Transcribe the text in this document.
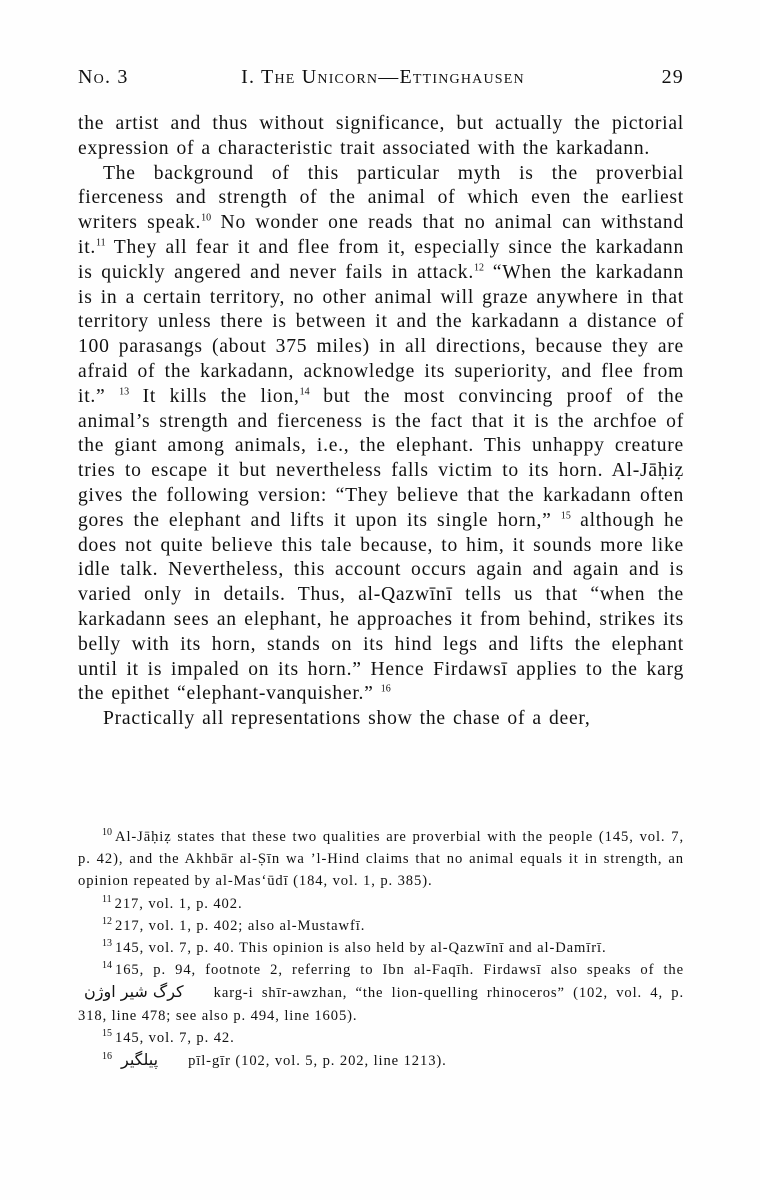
No. 3	I. The Unicorn—Ettinghausen	29

the artist and thus without significance, but actually the pictorial expression of a characteristic trait associated with the karkadann.

The background of this particular myth is the proverbial fierceness and strength of the animal of which even the earliest writers speak.$^{10}$ No wonder one reads that no animal can withstand it.$^{11}$ They all fear it and flee from it, especially since the karkadann is quickly angered and never fails in attack.$^{12}$ “When the karkadann is in a certain territory, no other animal will graze anywhere in that territory unless there is between it and the karkadann a distance of 100 parasangs (about 375 miles) in all directions, because they are afraid of the karkadann, acknowledge its superiority, and flee from it.” $^{13}$ It kills the lion,$^{14}$ but the most convincing proof of the animal’s strength and fierceness is the fact that it is the archfoe of the giant among animals, i.e., the elephant. This unhappy creature tries to escape it but nevertheless falls victim to its horn. Al-Jāḥiẓ gives the following version: “They believe that the karkadann often gores the elephant and lifts it upon its single horn,” $^{15}$ although he does not quite believe this tale because, to him, it sounds more like idle talk. Nevertheless, this account occurs again and again and is varied only in details. Thus, al-Qazwīnī tells us that “when the karkadann sees an elephant, he approaches it from behind, strikes its belly with its horn, stands on its hind legs and lifts the elephant until it is impaled on its horn.” Hence Firdawsī applies to the karg the epithet “elephant-vanquisher.” $^{16}$

Practically all representations show the chase of a deer,

$^{10}$ Al-Jāḥiẓ states that these two qualities are proverbial with the people (145, vol. 7, p. 42), and the Akhbār al-Ṣīn wa ’l-Hind claims that no animal equals it in strength, an opinion repeated by al-Mas‘ūdī (184, vol. 1, p. 385).

$^{11}$ 217, vol. 1, p. 402.

$^{12}$ 217, vol. 1, p. 402; also al-Mustawfī.

$^{13}$ 145, vol. 7, p. 40. This opinion is also held by al-Qazwīnī and al-Damīrī.

$^{14}$ 165, p. 94, footnote 2, referring to Ibn al-Faqīh. Firdawsī also speaks of theکرگ شیر اوژن karg-i shīr-awzhan, “the lion-quelling rhinoceros” (102, vol. 4, p. 318, line 478; see also p. 494, line 1605).

$^{15}$ 145, vol. 7, p. 42.

$^{16}$ پیلگیر pīl-gīr (102, vol. 5, p. 202, line 1213).
